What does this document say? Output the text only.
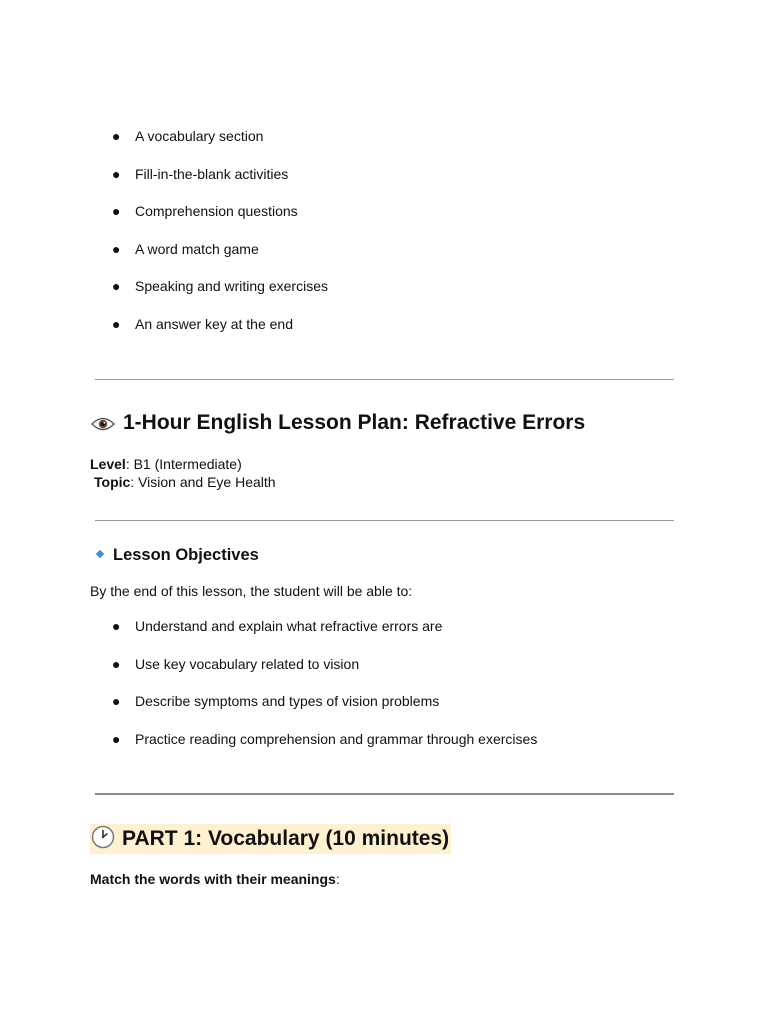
●	A vocabulary section
●	Fill-in-the-blank activities
●	Comprehension questions
●	A word match game
●	Speaking and writing exercises
●	An answer key at the end
1-Hour English Lesson Plan: Refractive Errors
Level: B1 (Intermediate)
Topic: Vision and Eye Health
Lesson Objectives
By the end of this lesson, the student will be able to:
●	Understand and explain what refractive errors are
●	Use key vocabulary related to vision
●	Describe symptoms and types of vision problems
●	Practice reading comprehension and grammar through exercises
PART 1: Vocabulary (10 minutes)
Match the words with their meanings:
